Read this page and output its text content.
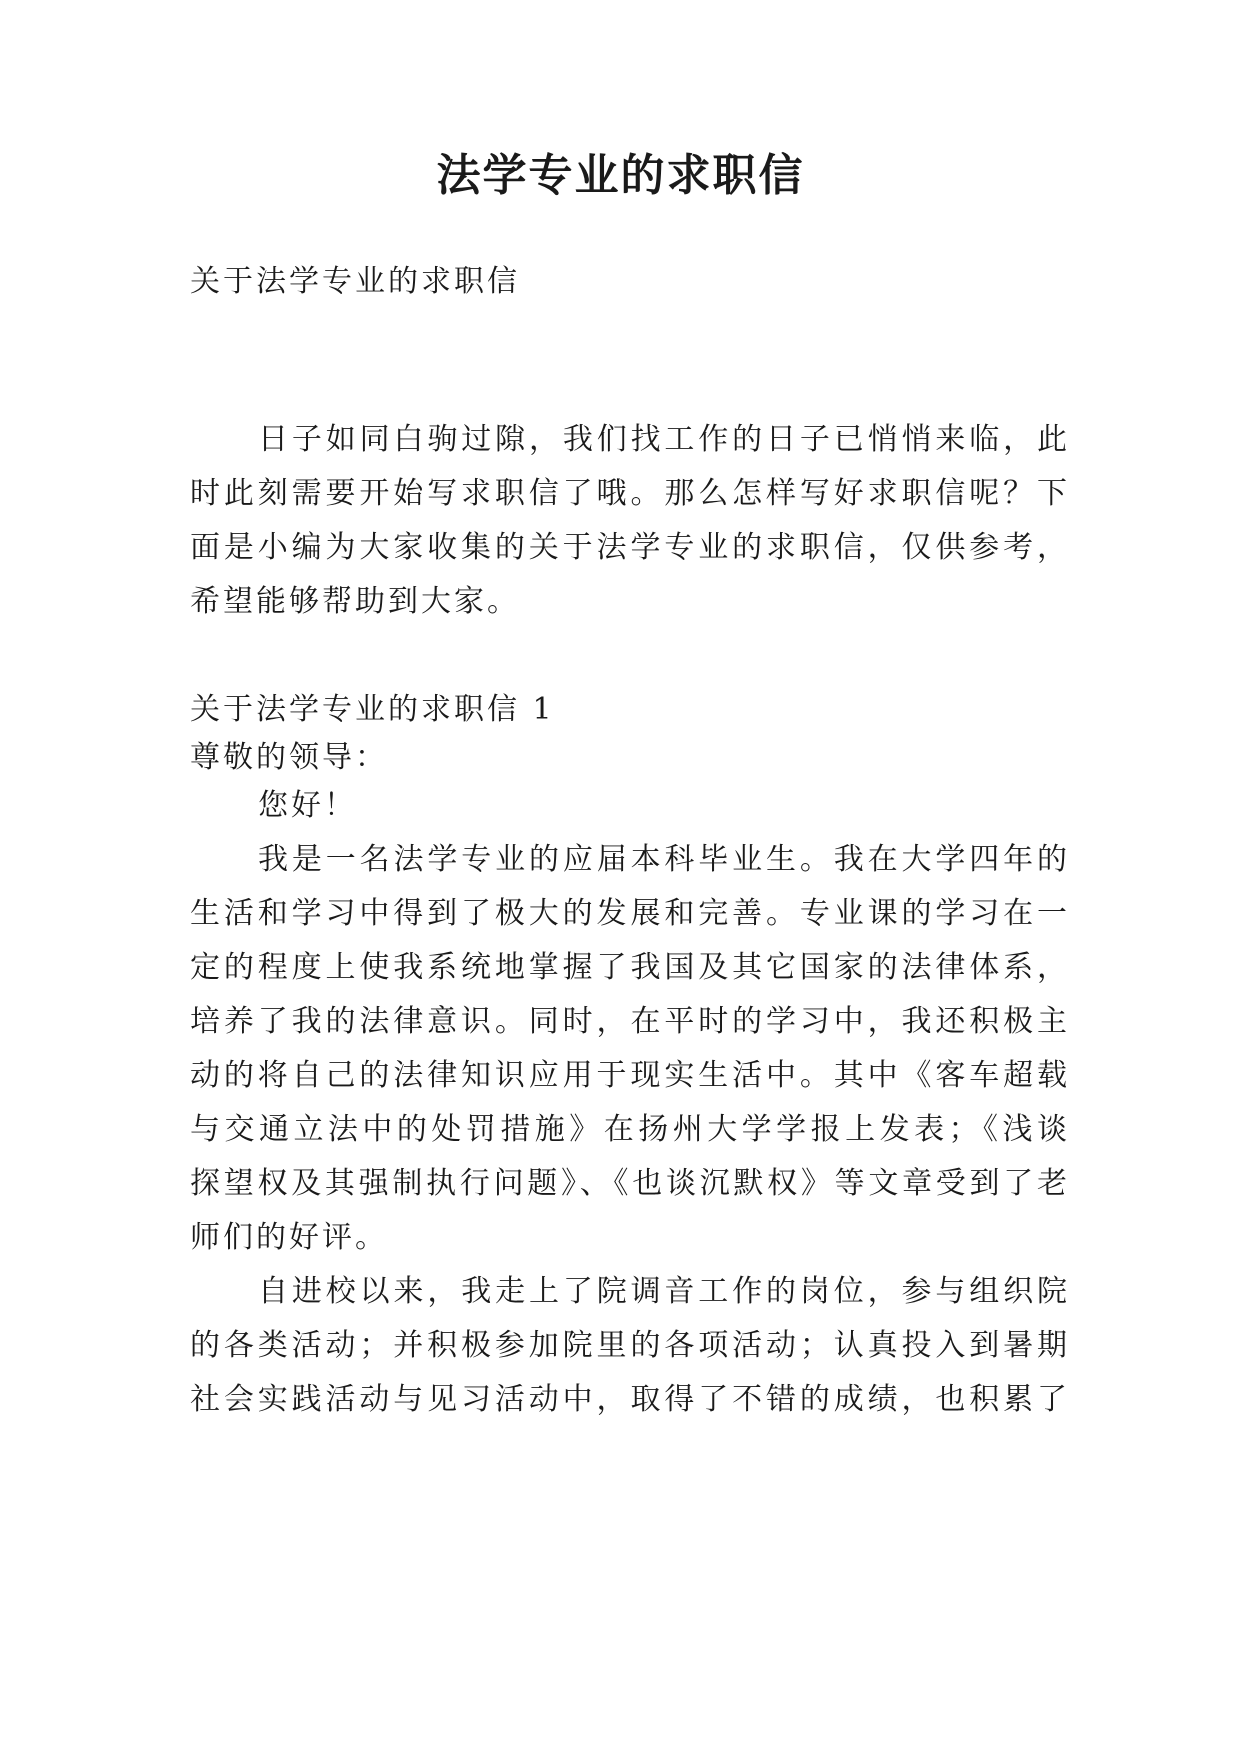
法学专业的求职信
关于法学专业的求职信
日子如同白驹过隙，我们找工作的日子已悄悄来临，此
时此刻需要开始写求职信了哦。那么怎样写好求职信呢？下
面是小编为大家收集的关于法学专业的求职信，仅供参考，
希望能够帮助到大家。
关于法学专业的求职信 1
尊敬的领导：
您好！
我是一名法学专业的应届本科毕业生。我在大学四年的
生活和学习中得到了极大的发展和完善。专业课的学习在一
定的程度上使我系统地掌握了我国及其它国家的法律体系，
培养了我的法律意识。同时，在平时的学习中，我还积极主
动的将自己的法律知识应用于现实生活中。其中《客车超载
与交通立法中的处罚措施》在扬州大学学报上发表；《浅谈
探望权及其强制执行问题》、《也谈沉默权》等文章受到了老
师们的好评。
自进校以来，我走上了院调音工作的岗位，参与组织院
的各类活动；并积极参加院里的各项活动；认真投入到暑期
社会实践活动与见习活动中，取得了不错的成绩，也积累了
